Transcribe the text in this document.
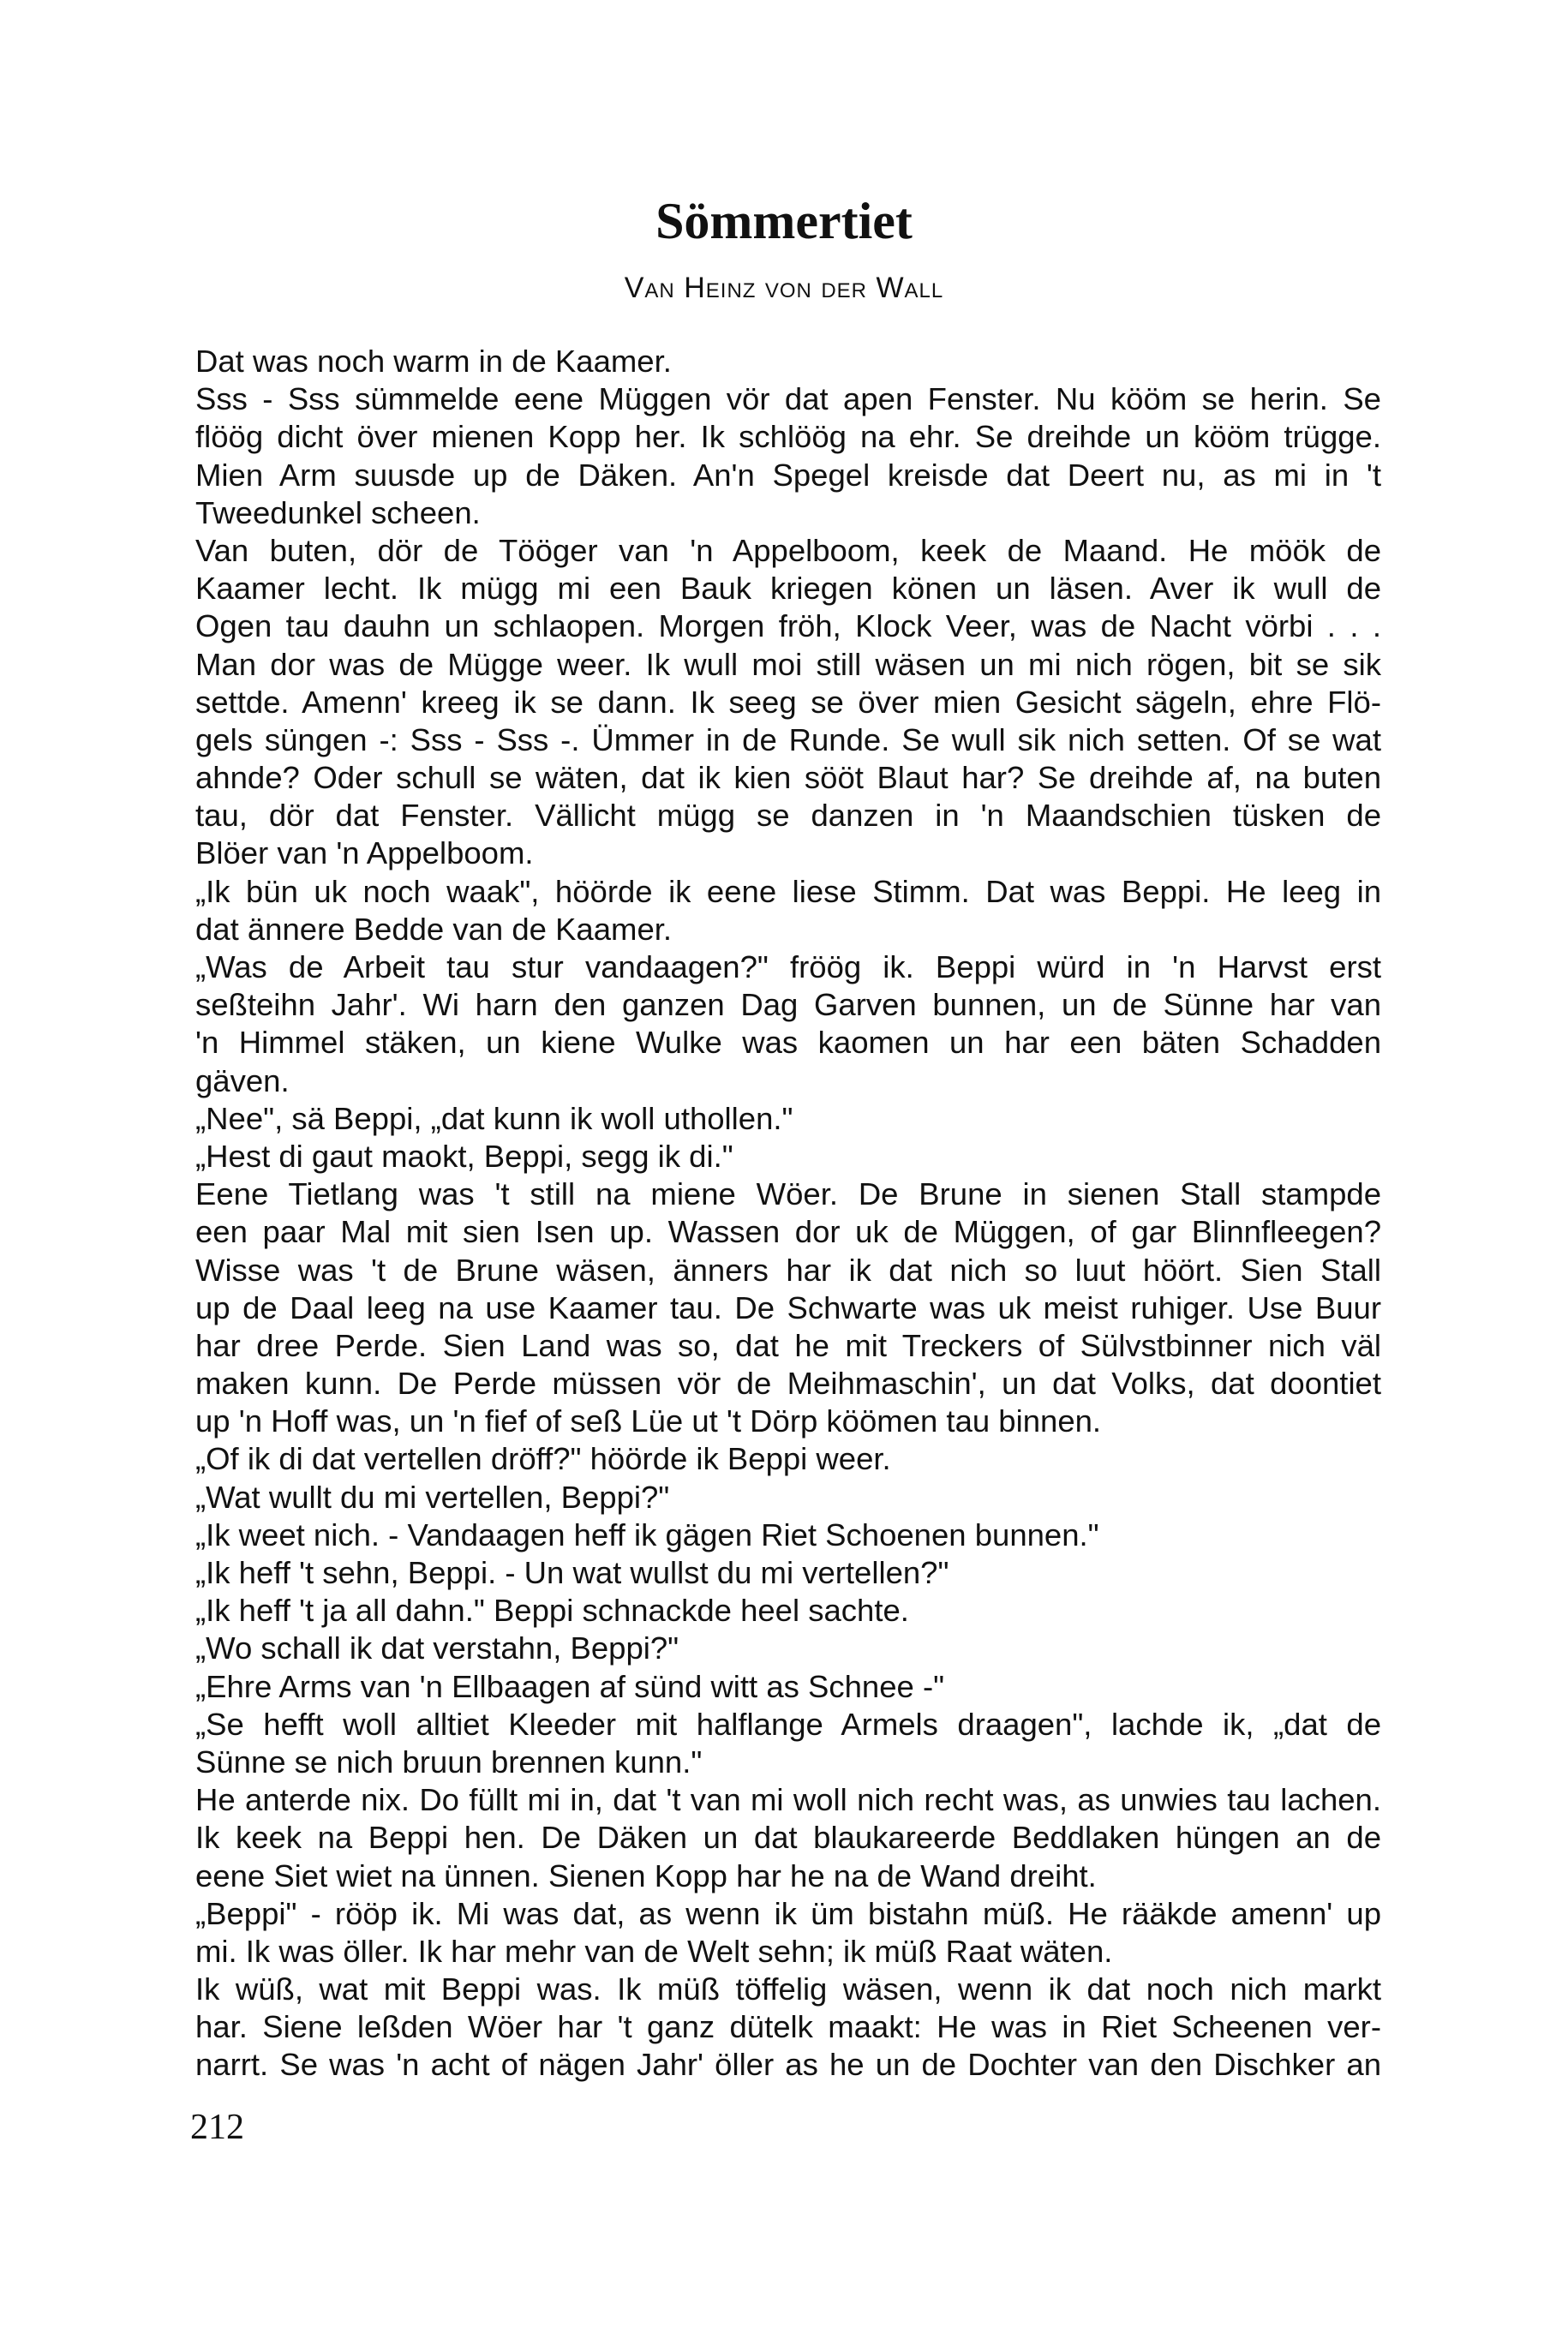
Sömmertiet
Van Heinz von der Wall
Dat was noch warm in de Kaamer.
Sss - Sss sümmelde eene Müggen vör dat apen Fenster. Nu kööm se herin. Se
flöög dicht över mienen Kopp her. Ik schlöög na ehr. Se dreihde un kööm trügge.
Mien Arm suusde up de Däken. An'n Spegel kreisde dat Deert nu, as mi in 't
Tweedunkel scheen.
Van buten, dör de Tööger van 'n Appelboom, keek de Maand. He möök de
Kaamer lecht. Ik mügg mi een Bauk kriegen könen un läsen. Aver ik wull de
Ogen tau dauhn un schlaopen. Morgen fröh, Klock Veer, was de Nacht vörbi . . .
Man dor was de Mügge weer. Ik wull moi still wäsen un mi nich rögen, bit se sik
settde. Amenn' kreeg ik se dann. Ik seeg se över mien Gesicht sägeln, ehre Flö-
gels süngen -: Sss - Sss -. Ümmer in de Runde. Se wull sik nich setten. Of se wat
ahnde? Oder schull se wäten, dat ik kien sööt Blaut har? Se dreihde af, na buten
tau, dör dat Fenster. Vällicht mügg se danzen in 'n Maandschien tüsken de
Blöer van 'n Appelboom.
„Ik bün uk noch waak", höörde ik eene liese Stimm. Dat was Beppi. He leeg in
dat ännere Bedde van de Kaamer.
„Was de Arbeit tau stur vandaagen?" fröög ik. Beppi würd in 'n Harvst erst
seßteihn Jahr'. Wi harn den ganzen Dag Garven bunnen, un de Sünne har van
'n Himmel stäken, un kiene Wulke was kaomen un har een bäten Schadden
gäven.
„Nee", sä Beppi, „dat kunn ik woll uthollen."
„Hest di gaut maokt, Beppi, segg ik di."
Eene Tietlang was 't still na miene Wöer. De Brune in sienen Stall stampde
een paar Mal mit sien Isen up. Wassen dor uk de Müggen, of gar Blinnfleegen?
Wisse was 't de Brune wäsen, änners har ik dat nich so luut höört. Sien Stall
up de Daal leeg na use Kaamer tau. De Schwarte was uk meist ruhiger. Use Buur
har dree Perde. Sien Land was so, dat he mit Treckers of Sülvstbinner nich väl
maken kunn. De Perde müssen vör de Meihmaschin', un dat Volks, dat doontiet
up 'n Hoff was, un 'n fief of seß Lüe ut 't Dörp köömen tau binnen.
„Of ik di dat vertellen dröff?" höörde ik Beppi weer.
„Wat wullt du mi vertellen, Beppi?"
„Ik weet nich. - Vandaagen heff ik gägen Riet Schoenen bunnen."
„Ik heff 't sehn, Beppi. - Un wat wullst du mi vertellen?"
„Ik heff 't ja all dahn." Beppi schnackde heel sachte.
„Wo schall ik dat verstahn, Beppi?"
„Ehre Arms van 'n Ellbaagen af sünd witt as Schnee -"
„Se hefft woll alltiet Kleeder mit halflange Armels draagen", lachde ik, „dat de
Sünne se nich bruun brennen kunn."
He anterde nix. Do füllt mi in, dat 't van mi woll nich recht was, as unwies tau lachen.
Ik keek na Beppi hen. De Däken un dat blaukareerde Beddlaken hüngen an de
eene Siet wiet na ünnen. Sienen Kopp har he na de Wand dreiht.
„Beppi" - rööp ik. Mi was dat, as wenn ik üm bistahn müß. He rääkde amenn' up
mi. Ik was öller. Ik har mehr van de Welt sehn; ik müß Raat wäten.
Ik wüß, wat mit Beppi was. Ik müß töffelig wäsen, wenn ik dat noch nich markt
har. Siene leßden Wöer har 't ganz dütelk maakt: He was in Riet Scheenen ver-
narrt. Se was 'n acht of nägen Jahr' öller as he un de Dochter van den Dischker an
212
